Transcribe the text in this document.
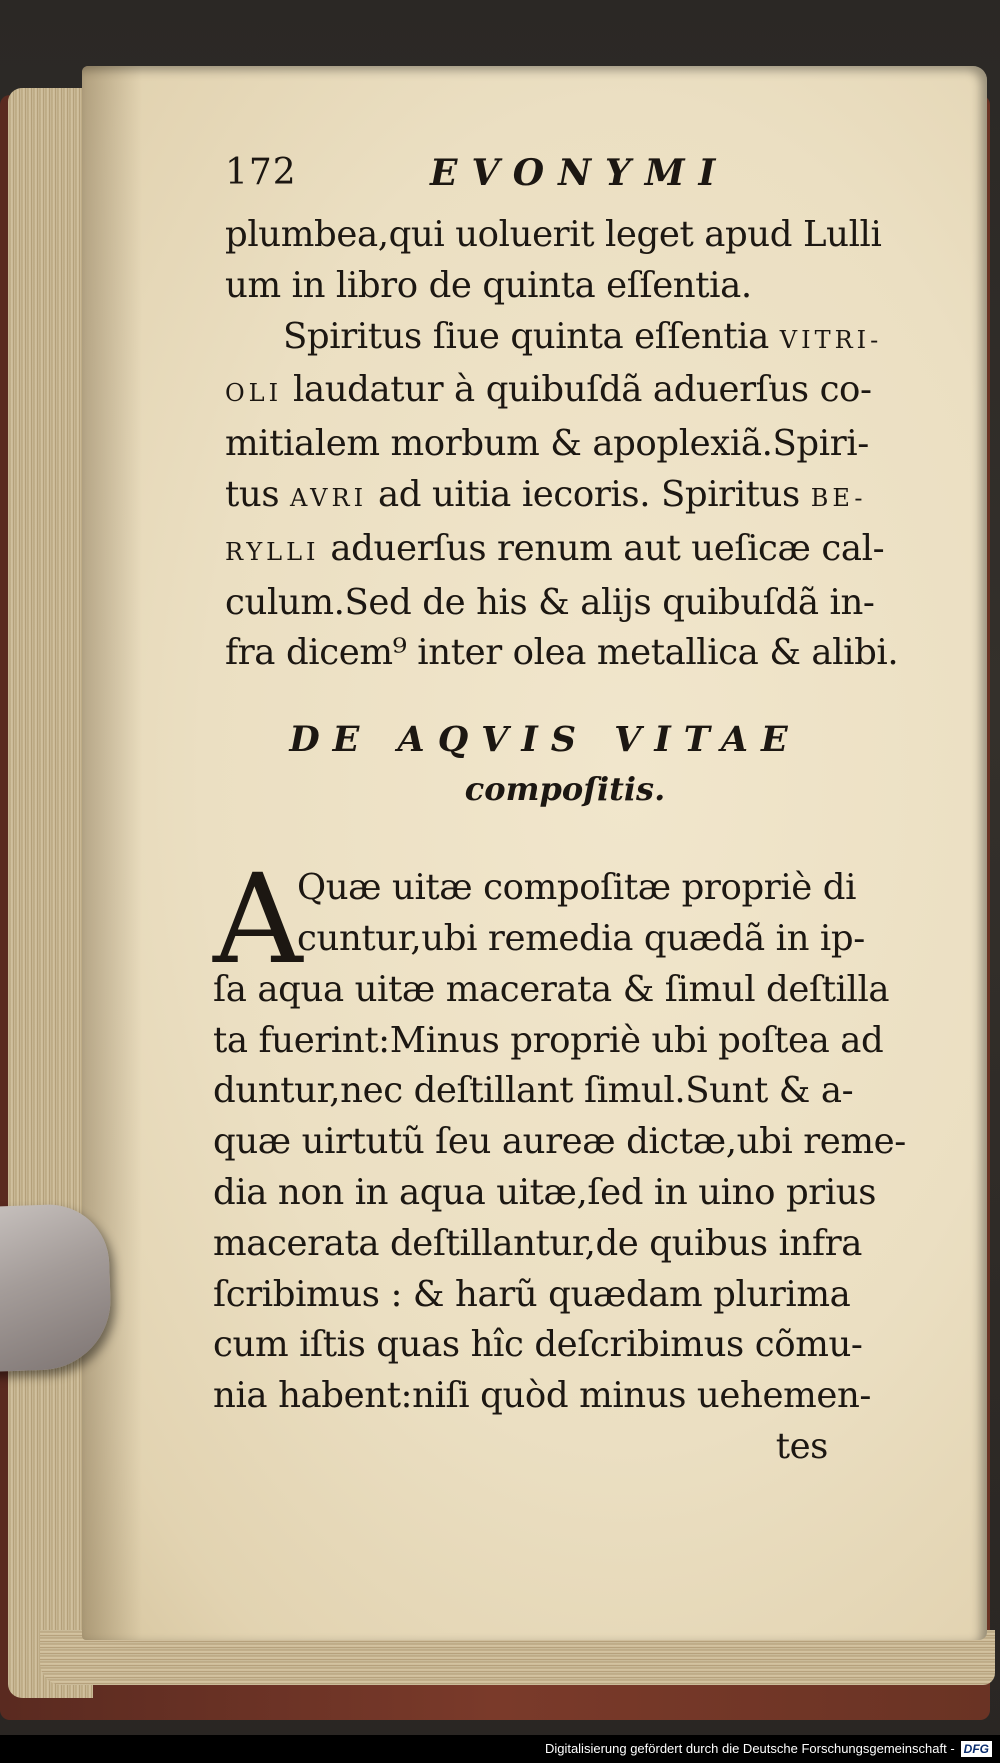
172	EVONYMI
plumbea,qui uoluerit leget apud Lulli
um in libro de quinta eſſentia.
Spiritus ſiue quinta eſſentia VITRI-
OLI laudatur à quibuſdã aduerſus co-
mitialem morbum & apoplexiã.Spiri-
tus AVRI ad uitia iecoris. Spiritus BE-
RYLLI aduerſus renum aut ueſicæ cal-
culum.Sed de his & alijs quibuſdã in-
fra dicem⁹ inter olea metallica & alibi.
DE AQVIS VITAE
compoſitis.
A
Quæ uitæ compoſitæ propriè di
cuntur,ubi remedia quædã in ip-
ſa aqua uitæ macerata & ſimul deſtilla
ta fuerint:Minus propriè ubi poſtea ad
duntur,nec deſtillant ſimul.Sunt & a-
quæ uirtutũ ſeu aureæ dictæ,ubi reme-
dia non in aqua uitæ,ſed in uino prius
macerata deſtillantur,de quibus infra
ſcribimus : & harũ quædam plurima
cum iſtis quas hîc deſcribimus cõmu-
nia habent:niſi quòd minus uehemen-
tes
Digitalisierung gefördert durch die Deutsche Forschungsgemeinschaft - DFG
